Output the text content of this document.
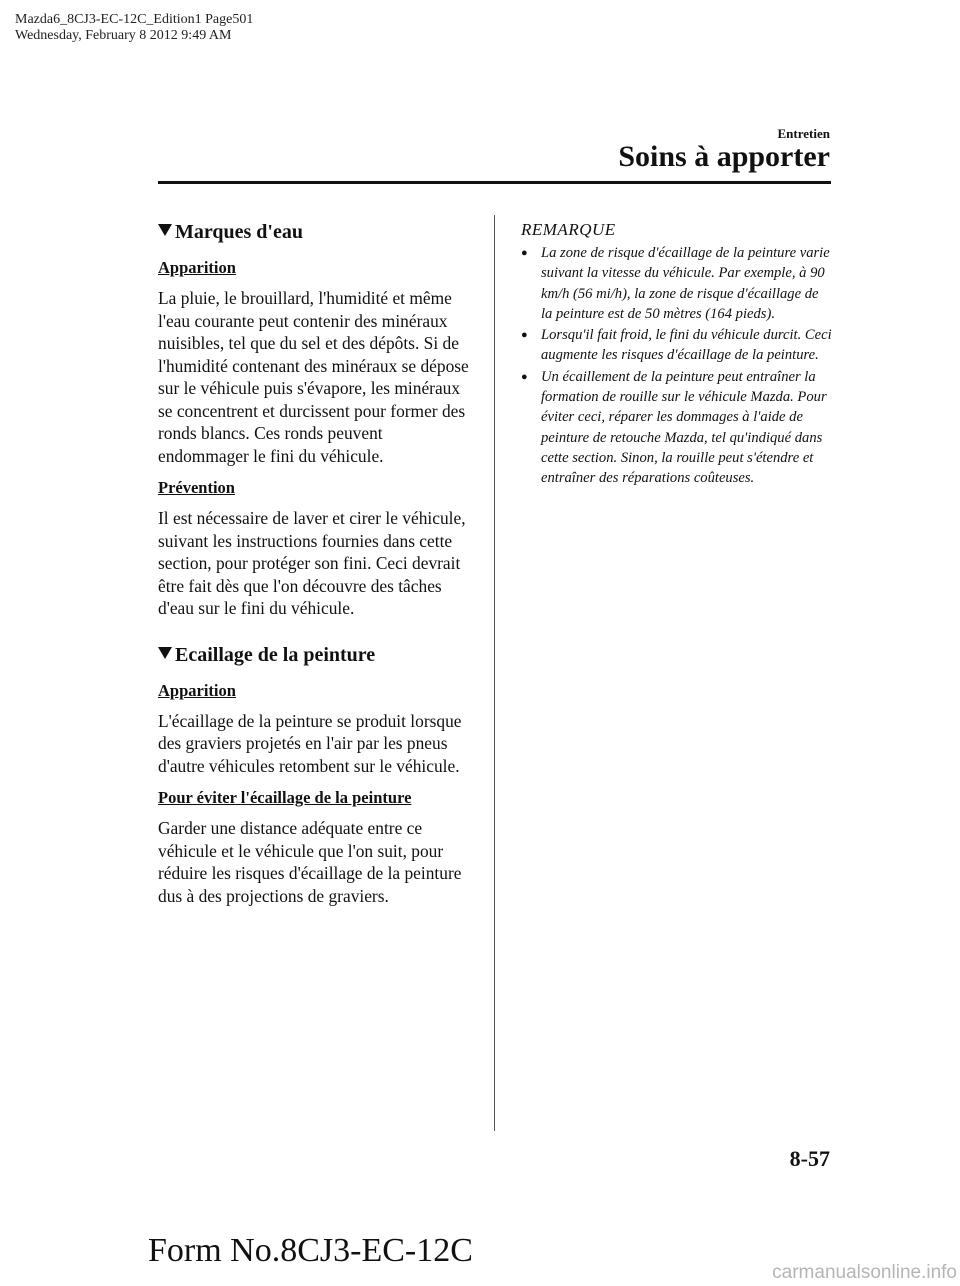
Mazda6_8CJ3-EC-12C_Edition1 Page501
Wednesday, February 8 2012 9:49 AM
Entretien
Soins à apporter
Marques d'eau
Apparition
La pluie, le brouillard, l'humidité et même l'eau courante peut contenir des minéraux nuisibles, tel que du sel et des dépôts. Si de l'humidité contenant des minéraux se dépose sur le véhicule puis s'évapore, les minéraux se concentrent et durcissent pour former des ronds blancs. Ces ronds peuvent endommager le fini du véhicule.
Prévention
Il est nécessaire de laver et cirer le véhicule, suivant les instructions fournies dans cette section, pour protéger son fini. Ceci devrait être fait dès que l'on découvre des tâches d'eau sur le fini du véhicule.
Ecaillage de la peinture
Apparition
L'écaillage de la peinture se produit lorsque des graviers projetés en l'air par les pneus d'autre véhicules retombent sur le véhicule.
Pour éviter l'écaillage de la peinture
Garder une distance adéquate entre ce véhicule et le véhicule que l'on suit, pour réduire les risques d'écaillage de la peinture dus à des projections de graviers.
REMARQUE
● La zone de risque d'écaillage de la peinture varie suivant la vitesse du véhicule. Par exemple, à 90 km/h (56 mi/h), la zone de risque d'écaillage de la peinture est de 50 mètres (164 pieds).
● Lorsqu'il fait froid, le fini du véhicule durcit. Ceci augmente les risques d'écaillage de la peinture.
● Un écaillement de la peinture peut entraîner la formation de rouille sur le véhicule Mazda. Pour éviter ceci, réparer les dommages à l'aide de peinture de retouche Mazda, tel qu'indiqué dans cette section. Sinon, la rouille peut s'étendre et entraîner des réparations coûteuses.
8-57
Form No.8CJ3-EC-12C
carmanualsonline.info
